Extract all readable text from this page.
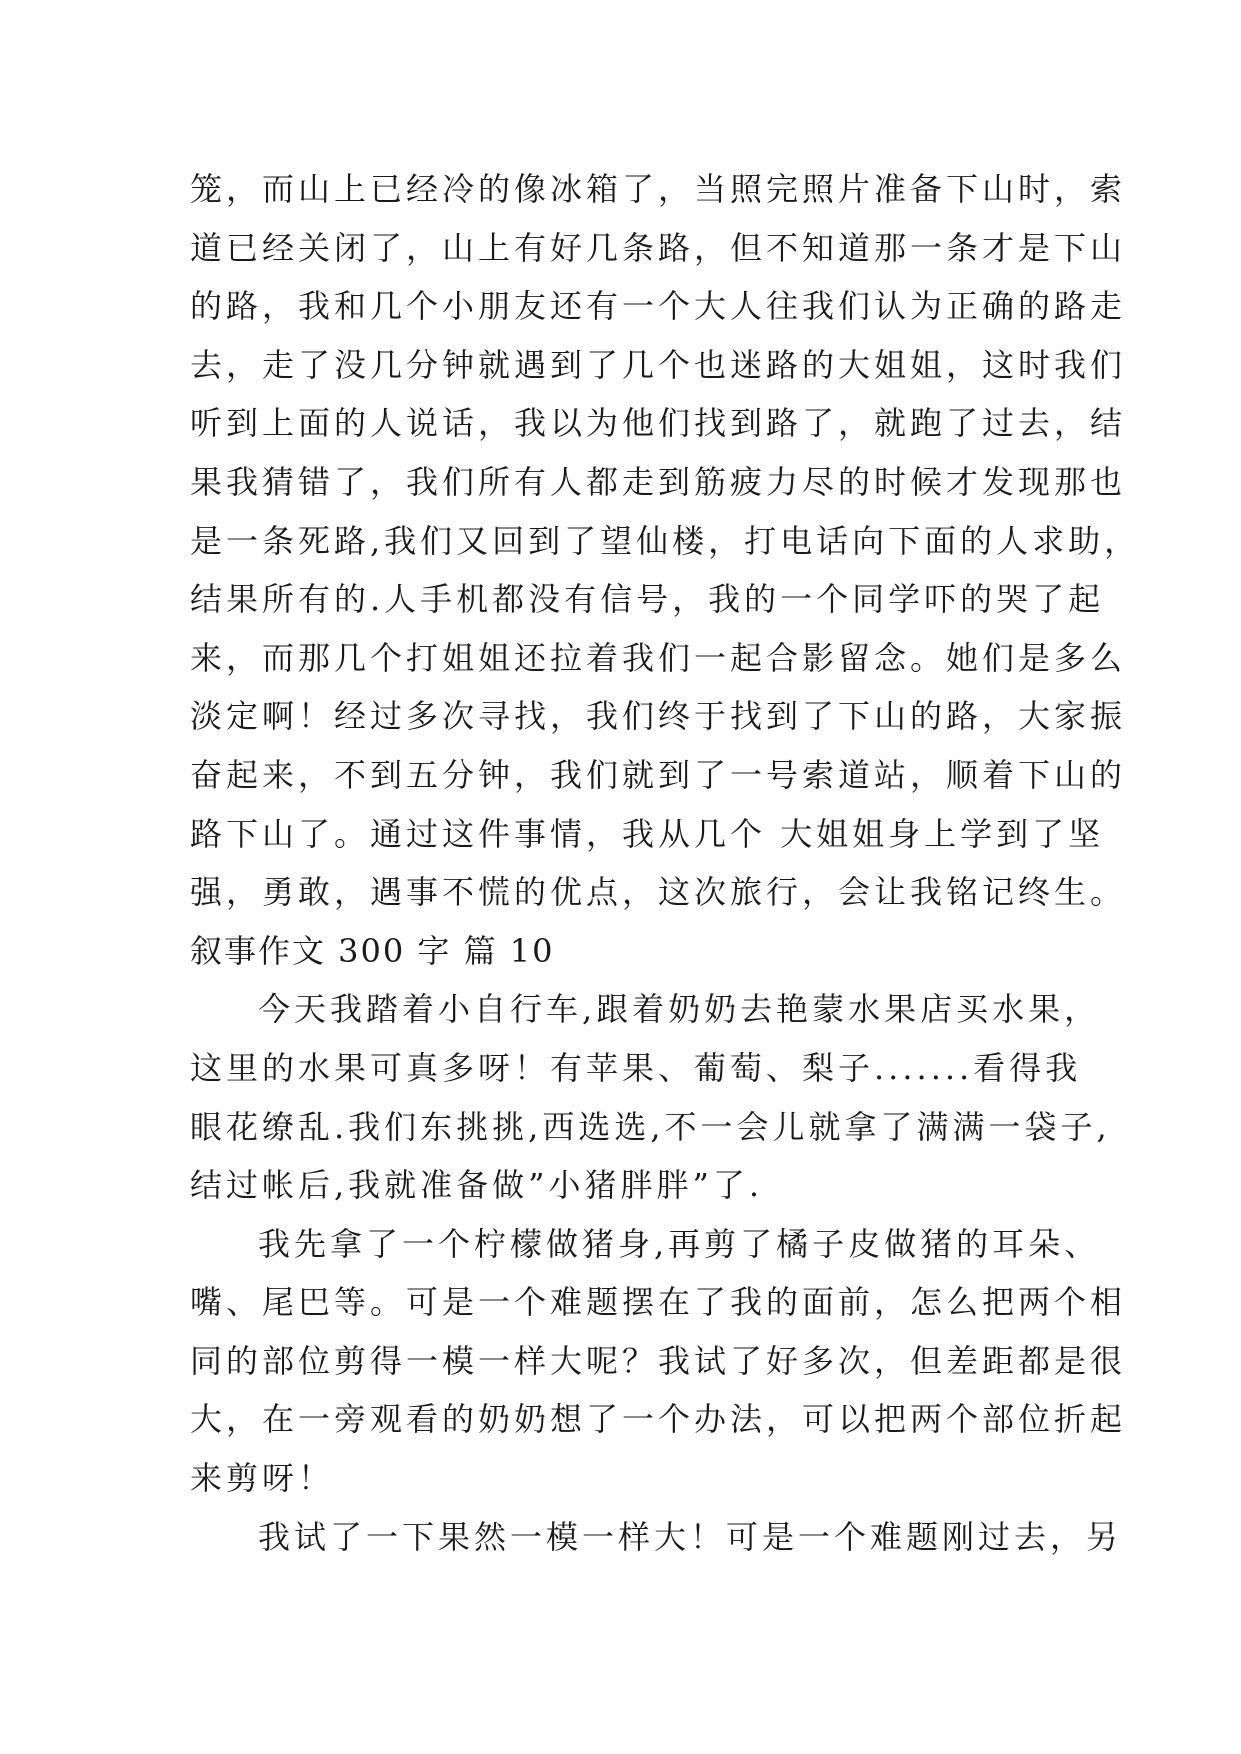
笼，而山上已经冷的像冰箱了，当照完照片准备下山时，索
道已经关闭了，山上有好几条路，但不知道那一条才是下山
的路，我和几个小朋友还有一个大人往我们认为正确的路走
去，走了没几分钟就遇到了几个也迷路的大姐姐，这时我们
听到上面的人说话，我以为他们找到路了，就跑了过去，结
果我猜错了，我们所有人都走到筋疲力尽的时候才发现那也
是一条死路,我们又回到了望仙楼，打电话向下面的人求助，
结果所有的.人手机都没有信号，我的一个同学吓的哭了起
来，而那几个打姐姐还拉着我们一起合影留念。她们是多么
淡定啊！经过多次寻找，我们终于找到了下山的路，大家振
奋起来，不到五分钟，我们就到了一号索道站，顺着下山的
路下山了。通过这件事情，我从几个 大姐姐身上学到了坚
强，勇敢，遇事不慌的优点，这次旅行，会让我铭记终生。
叙事作文 300 字 篇 10
今天我踏着小自行车,跟着奶奶去艳蒙水果店买水果，
这里的水果可真多呀！有苹果、葡萄、梨子.......看得我
眼花缭乱.我们东挑挑,西选选,不一会儿就拿了满满一袋子,
结过帐后,我就准备做”小猪胖胖”了.
我先拿了一个柠檬做猪身,再剪了橘子皮做猪的耳朵、
嘴、尾巴等。可是一个难题摆在了我的面前，怎么把两个相
同的部位剪得一模一样大呢？我试了好多次，但差距都是很
大，在一旁观看的奶奶想了一个办法，可以把两个部位折起
来剪呀！
我试了一下果然一模一样大！可是一个难题刚过去，另
